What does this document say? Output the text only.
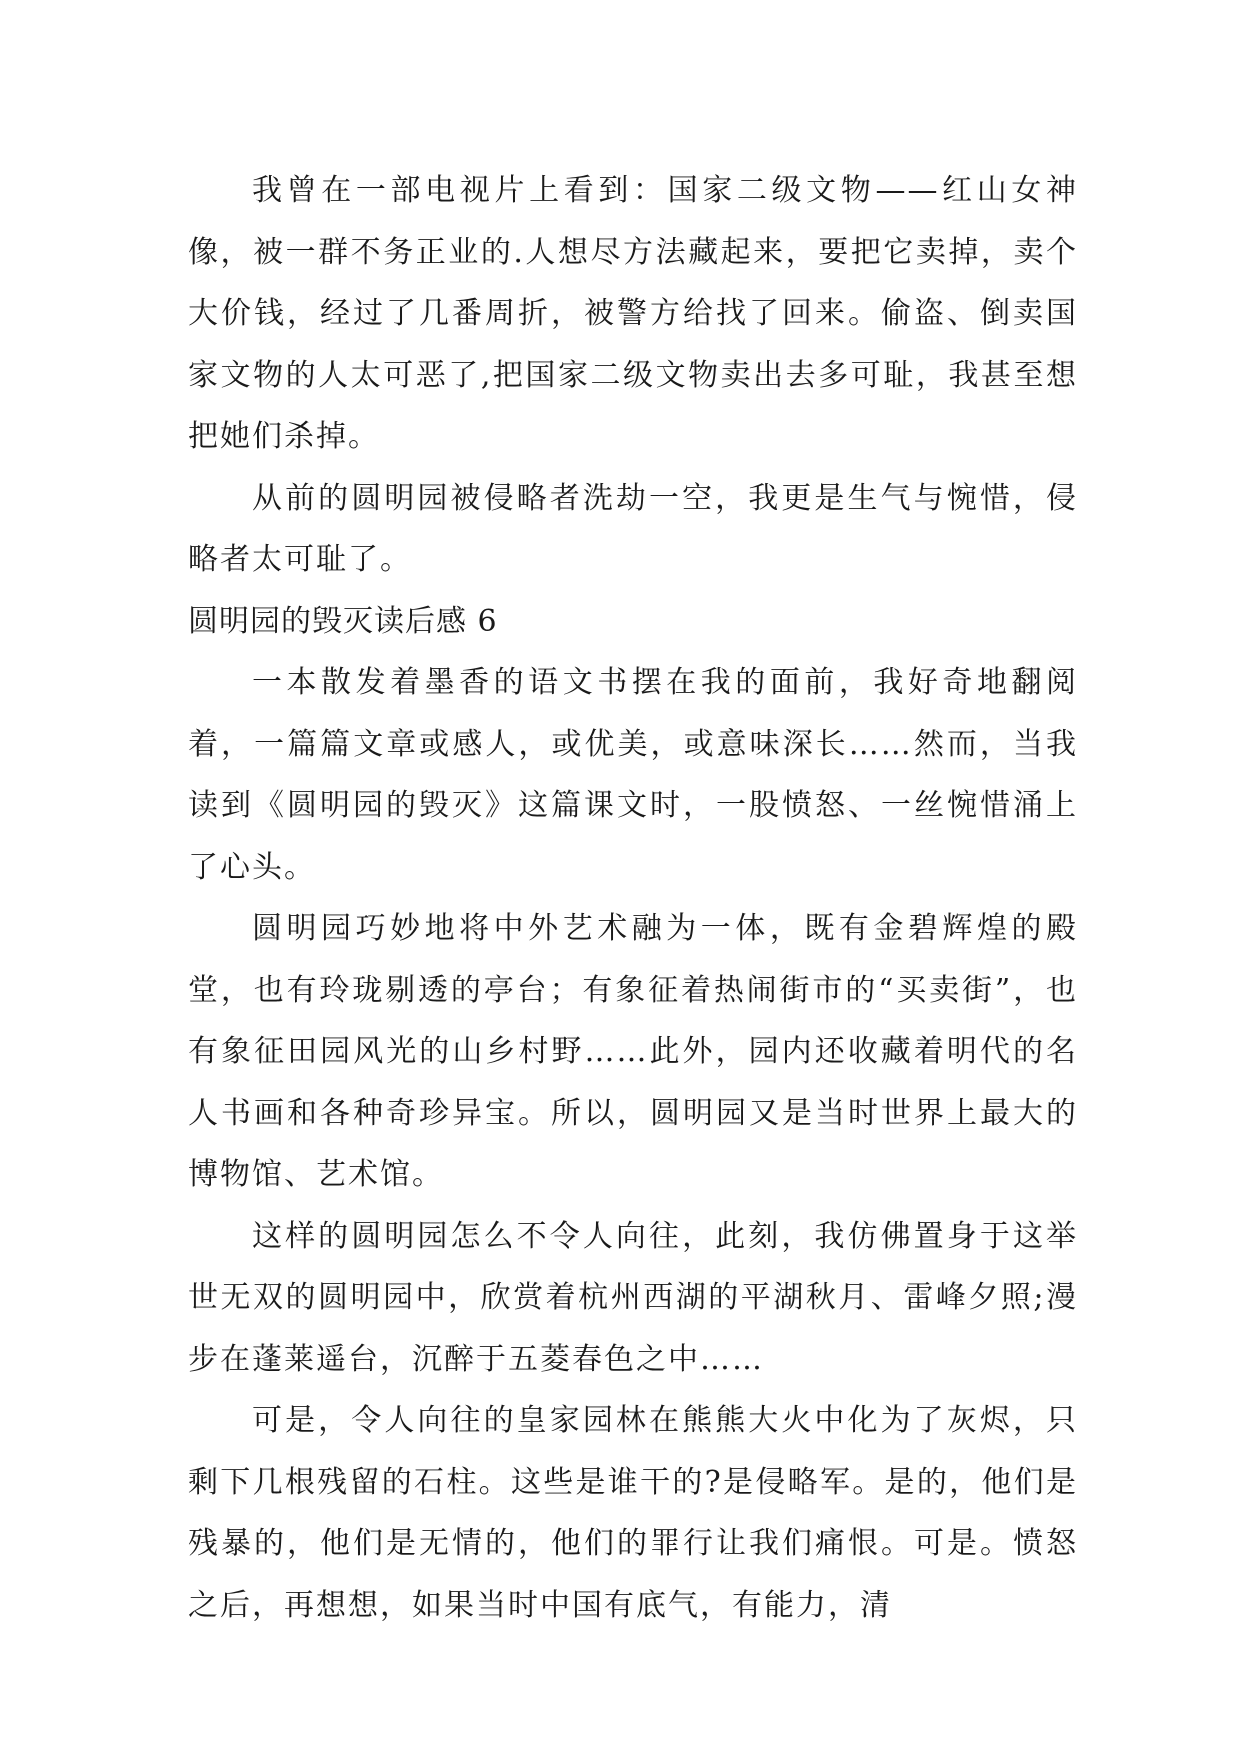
我曾在一部电视片上看到：国家二级文物——红山女神像，被一群不务正业的.人想尽方法藏起来，要把它卖掉，卖个大价钱，经过了几番周折，被警方给找了回来。偷盗、倒卖国家文物的人太可恶了,把国家二级文物卖出去多可耻，我甚至想把她们杀掉。

从前的圆明园被侵略者洗劫一空，我更是生气与惋惜，侵略者太可耻了。

圆明园的毁灭读后感 6

一本散发着墨香的语文书摆在我的面前，我好奇地翻阅着，一篇篇文章或感人，或优美，或意味深长……然而，当我读到《圆明园的毁灭》这篇课文时，一股愤怒、一丝惋惜涌上了心头。

圆明园巧妙地将中外艺术融为一体，既有金碧辉煌的殿堂，也有玲珑剔透的亭台；有象征着热闹街市的“买卖街”，也有象征田园风光的山乡村野……此外，园内还收藏着明代的名人书画和各种奇珍异宝。所以，圆明园又是当时世界上最大的博物馆、艺术馆。

这样的圆明园怎么不令人向往，此刻，我仿佛置身于这举世无双的圆明园中，欣赏着杭州西湖的平湖秋月、雷峰夕照;漫步在蓬莱遥台，沉醉于五菱春色之中……

可是，令人向往的皇家园林在熊熊大火中化为了灰烬，只剩下几根残留的石柱。这些是谁干的?是侵略军。是的，他们是残暴的，他们是无情的，他们的罪行让我们痛恨。可是。愤怒之后，再想想，如果当时中国有底气，有能力，清
